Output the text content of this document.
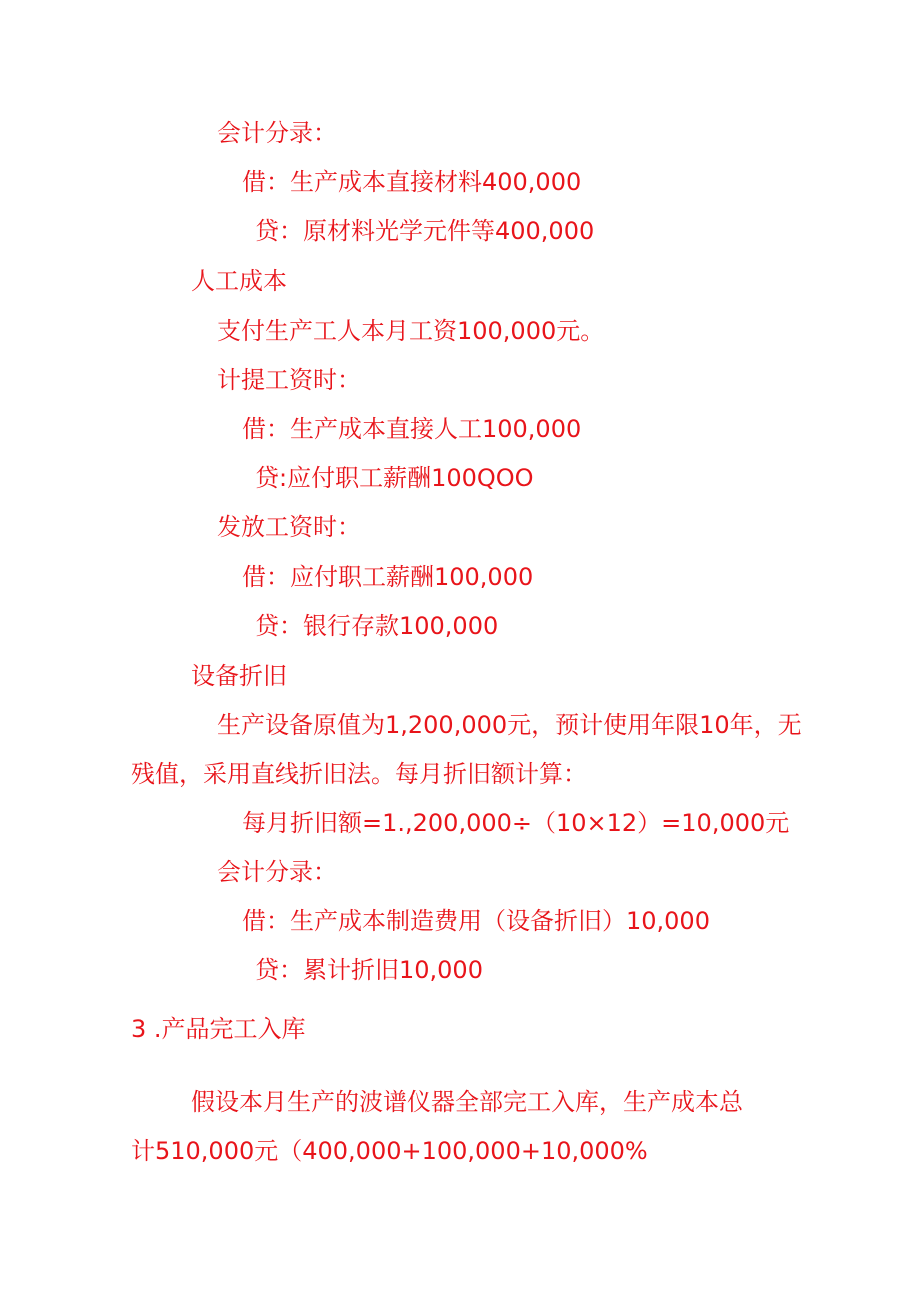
会计分录：
借：生产成本直接材料400,000
贷：原材料光学元件等400,000
人工成本
支付生产工人本月工资100,000元。
计提工资时：
借：生产成本直接人工100,000
贷:应付职工薪酬100QOO
发放工资时：
借：应付职工薪酬100,000
贷：银行存款100,000
设备折旧
生产设备原值为1,200,000元，预计使用年限10年，无
残值，采用直线折旧法。每月折旧额计算：
每月折旧额=1.,200,000÷（10×12）=10,000元
会计分录：
借：生产成本制造费用（设备折旧）10,000
贷：累计折旧10,000
3 .产品完工入库
假设本月生产的波谱仪器全部完工入库，生产成本总
计510,000元（400,000+100,000+10,000%
